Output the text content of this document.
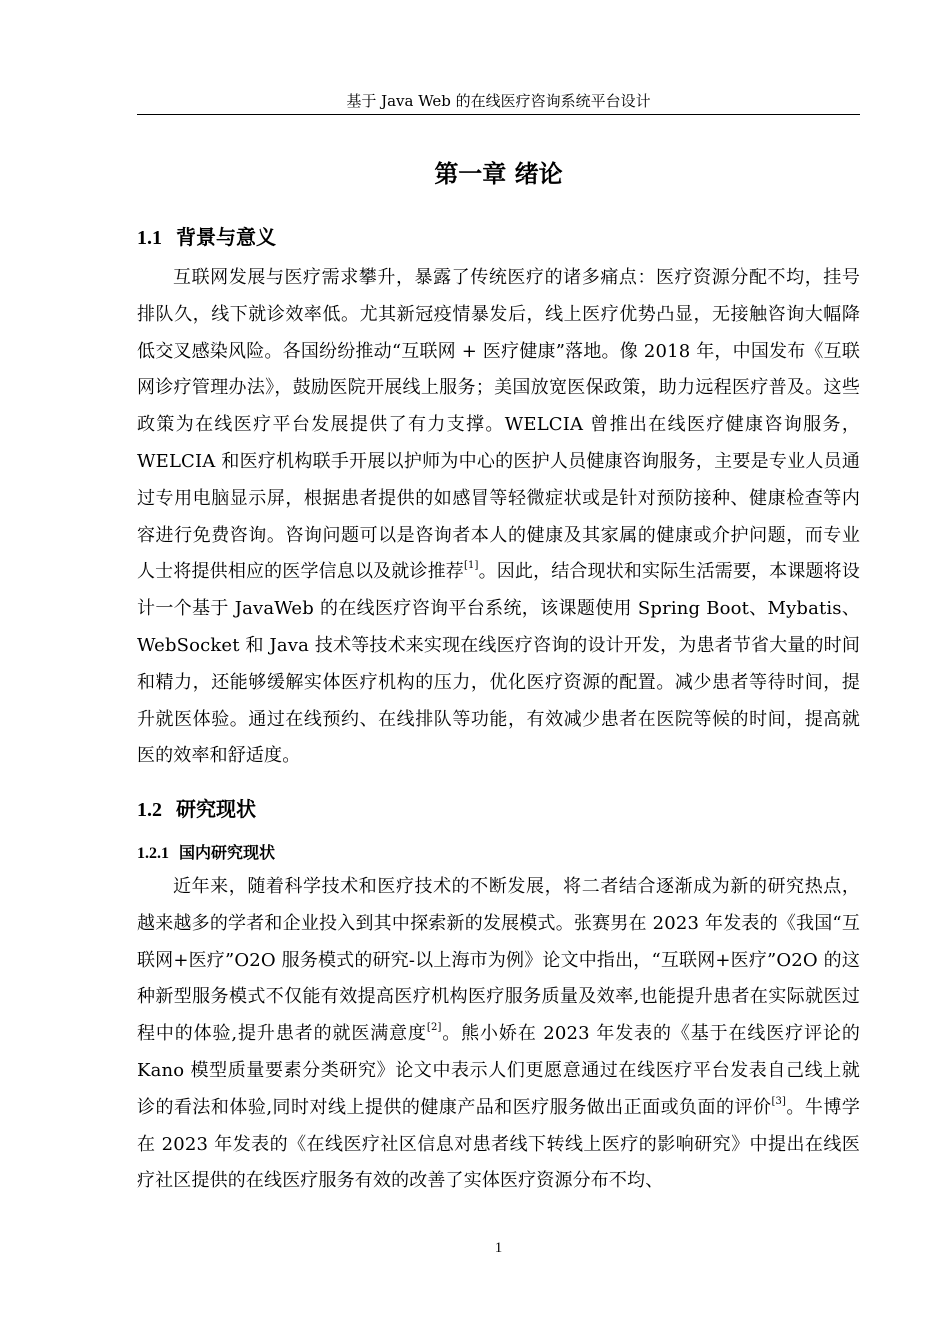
基于 Java Web 的在线医疗咨询系统平台设计
第一章 绪论
1.1 背景与意义

互联网发展与医疗需求攀升，暴露了传统医疗的诸多痛点：医疗资源分配不均，挂号排队久，线下就诊效率低。尤其新冠疫情暴发后，线上医疗优势凸显，无接触咨询大幅降低交叉感染风险。各国纷纷推动“互联网 + 医疗健康”落地。像 2018 年，中国发布《互联网诊疗管理办法》，鼓励医院开展线上服务；美国放宽医保政策，助力远程医疗普及。这些政策为在线医疗平台发展提供了有力支撑。WELCIA 曾推出在线医疗健康咨询服务，WELCIA 和医疗机构联手开展以护师为中心的医护人员健康咨询服务，主要是专业人员通过专用电脑显示屏，根据患者提供的如感冒等轻微症状或是针对预防接种、健康检查等内容进行免费咨询。咨询问题可以是咨询者本人的健康及其家属的健康或介护问题，而专业人士将提供相应的医学信息以及就诊推荐[1]。因此，结合现状和实际生活需要，本课题将设计一个基于 JavaWeb 的在线医疗咨询平台系统，该课题使用 Spring Boot、Mybatis、WebSocket 和 Java 技术等技术来实现在线医疗咨询的设计开发，为患者节省大量的时间和精力，还能够缓解实体医疗机构的压力，优化医疗资源的配置。减少患者等待时间，提升就医体验。通过在线预约、在线排队等功能，有效减少患者在医院等候的时间，提高就医的效率和舒适度。

1.2 研究现状
1.2.1 国内研究现状

近年来，随着科学技术和医疗技术的不断发展，将二者结合逐渐成为新的研究热点，越来越多的学者和企业投入到其中探索新的发展模式。张赛男在 2023 年发表的《我国“互联网+医疗”O2O 服务模式的研究-以上海市为例》论文中指出，“互联网+医疗”O2O 的这种新型服务模式不仅能有效提高医疗机构医疗服务质量及效率,也能提升患者在实际就医过程中的体验,提升患者的就医满意度[2]。熊小娇在 2023 年发表的《基于在线医疗评论的 Kano 模型质量要素分类研究》论文中表示人们更愿意通过在线医疗平台发表自己线上就诊的看法和体验,同时对线上提供的健康产品和医疗服务做出正面或负面的评价[3]。牛博学在 2023 年发表的《在线医疗社区信息对患者线下转线上医疗的影响研究》中提出在线医疗社区提供的在线医疗服务有效的改善了实体医疗资源分布不均、

1
